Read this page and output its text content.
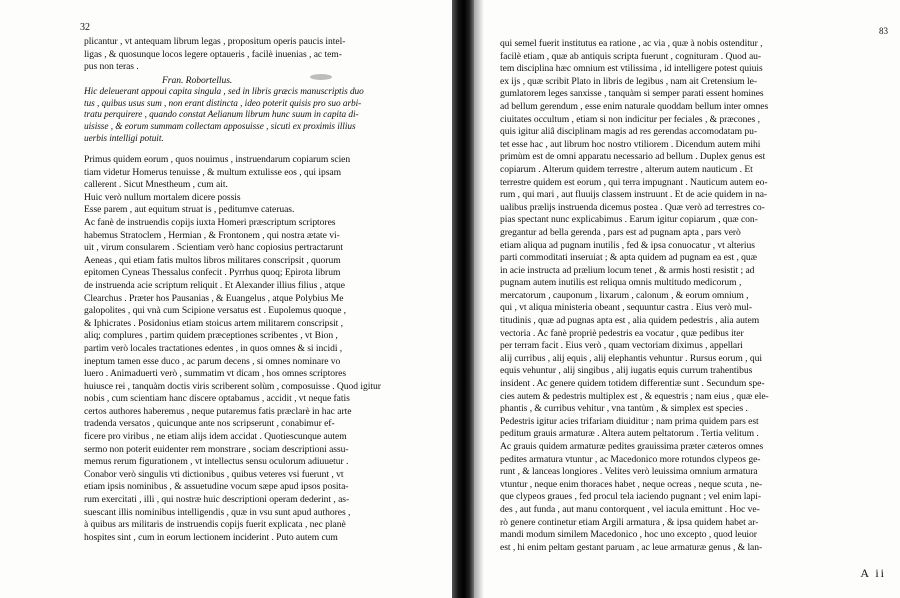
32
plicantur , vt antequam librum legas , propositum operis paucis intel-
ligas , & quosunque locos legere optaueris , facilè inuenias , ac tem-
pus non teras .
Fran. Robortellus.
Hic deleuerant appoui capita singula , sed in libris græcis manuscriptis duo
tus , quibus usus sum , non erant distincta , ideo poterit quisis pro suo arbi-
tratu perquirere , quando constat Aelianum librum hunc suum in capita di-
uisisse , & eorum summam collectam apposuisse , sicuti ex proximis illius
uerbis intelligi potuit.
Primus quidem eorum , quos nouimus , instruendarum copiarum scien
tiam videtur Homerus tenuisse , & multum extulisse eos , qui ipsam
callerent . Sicut Mnestheum , cum ait.
Huic verò nullum mortalem dicere possis
Esse parem , aut equitum struat is , peditumve cateruas.
Ac fanè de instruendis copijs iuxta Homeri præscriptum scriptores
habemus Stratoclem , Hermian , & Frontonem , qui nostra ætate vi-
uit , virum consularem . Scientiam verò hanc copiosius pertractarunt
Aeneas , qui etiam fatis multos libros militares conscripsit , quorum
epitomen Cyneas Thessalus confecit . Pyrrhus quoq; Epirota librum
de instruenda acie scriptum reliquit . Et Alexander illius filius , atque
Clearchus . Præter hos Pausanias , & Euangelus , atque Polybius Me
galopolites , qui vnà cum Scipione versatus est . Eupolemus quoque ,
& Iphicrates . Posidonius etiam stoicus artem militarem conscripsit ,
aliq; complures , partim quidem præceptiones scribentes , vt Bion ,
partim verò locales tractationes edentes , in quos omnes & si incidi ,
ineptum tamen esse duco , ac parum decens , si omnes nominare vo
luero . Animaduerti verò , summatim vt dicam , hos omnes scriptores
huiusce rei , tanquàm doctis viris scriberent solùm , composuisse . Quod igitur
nobis , cum scientiam hanc discere optabamus , accidit , vt neque fatis
certos authores haberemus , neque putaremus fatis præclarè in hac arte
tradenda versatos , quicunque ante nos scripserunt , conabimur ef-
ficere pro viribus , ne etiam alijs idem accidat . Quotiescunque autem
sermo non poterit euidenter rem monstrare , sociam descriptioni assu-
memus rerum figurationem , vt intellectus sensu oculorum adiuuetur .
Conabor verò singulis vti dictionibus , quibus veteres vsi fuerunt , vt
etiam ipsis nominibus , & assuetudine vocum sæpe apud ipsos posita-
rum exercitati , illi , qui nostræ huic descriptioni operam dederint , as-
suescant illis nominibus intelligendis , quæ in vsu sunt apud authores ,
à quibus ars militaris de instruendis copijs fuerit explicata , nec planè
hospites sint , cum in eorum lectionem inciderint . Puto autem cum
qui semel fuerit institutus ea ratione , ac via , quæ à nobis ostenditur ,
facilè etiam , quæ ab antiquis scripta fuerunt , cognituram . Quod au-
tem disciplina hæc omnium est vtilissima , id intelligere potest quiuis
ex ijs , quæ scribit Plato in libris de legibus , nam ait Cretensium le-
gumlatorem leges sanxisse , tanquàm si semper parati essent homines
ad bellum gerendum , esse enim naturale quoddam bellum inter omnes
ciuitates occultum , etiam si non indicitur per feciales , & præcones ,
quis igitur aliâ disciplinam magis ad res gerendas accomodatam pu-
tet esse hac , aut librum hoc nostro vtiliorem . Dicendum autem mihi
primùm est de omni apparatu necessario ad bellum . Duplex genus est
copiarum . Alterum quidem terrestre , alterum autem nauticum . Et
terrestre quidem est eorum , qui terra impugnant . Nauticum autem eo-
rum , qui mari , aut fluuijs classem instruunt . Et de acie quidem in na-
ualibus prælijs instruenda dicemus postea . Quæ verò ad terrestres co-
pias spectant nunc explicabimus . Earum igitur copiarum , quæ con-
gregantur ad bella gerenda , pars est ad pugnam apta , pars verò
etiam aliqua ad pugnam inutilis , fed & ipsa conuocatur , vt alterius
parti commoditati inseruiat ; & apta quidem ad pugnam ea est , quæ
in acie instructa ad prælium locum tenet , & armis hosti resistit ; ad
pugnam autem inutilis est reliqua omnis multitudo medicorum ,
mercatorum , cauponum , lixarum , calonum , & eorum omnium ,
qui , vt aliqua ministeria obeant , sequuntur castra . Eius verò mul-
titudinis , quæ ad pugnas apta est , alia quidem pedestris , alia autem
vectoria . Ac fanè propriè pedestris ea vocatur , quæ pedibus iter
per terram facit . Eius verò , quam vectoriam diximus , appellari
alij curribus , alij equis , alij elephantis vehuntur . Rursus eorum , qui
equis vehuntur , alij singibus , alij iugatis equis currum trahentibus
insident . Ac genere quidem totidem differentiæ sunt . Secundum spe-
cies autem & pedestris multiplex est , & equestris ; nam eius , quæ ele-
phantis , & curribus vehitur , vna tantùm , & simplex est species .
Pedestris igitur acies trifariam diuiditur ; nam prima quidem pars est
peditum grauis armaturæ . Altera autem peltatorum . Tertia velitum .
Ac grauis quidem armaturæ pedites grauissima præter cæteros omnes
pedites armatura vtuntur , ac Macedonico more rotundos clypeos ge-
runt , & lanceas longiores . Velites verò leuissima omnium armatura
vtuntur , neque enim thoraces habet , neque ocreas , neque scuta , ne-
que clypeos graues , fed procul tela iaciendo pugnant ; vel enim lapi-
des , aut funda , aut manu contorquent , vel iacula emittunt . Hoc ve-
rò genere continetur etiam Argili armatura , & ipsa quidem habet ar-
mandi modum similem Macedonico , hoc uno excepto , quod leuior
est , hi enim peltam gestant paruam , ac leue armaturæ genus , & lan-
83
A ii
